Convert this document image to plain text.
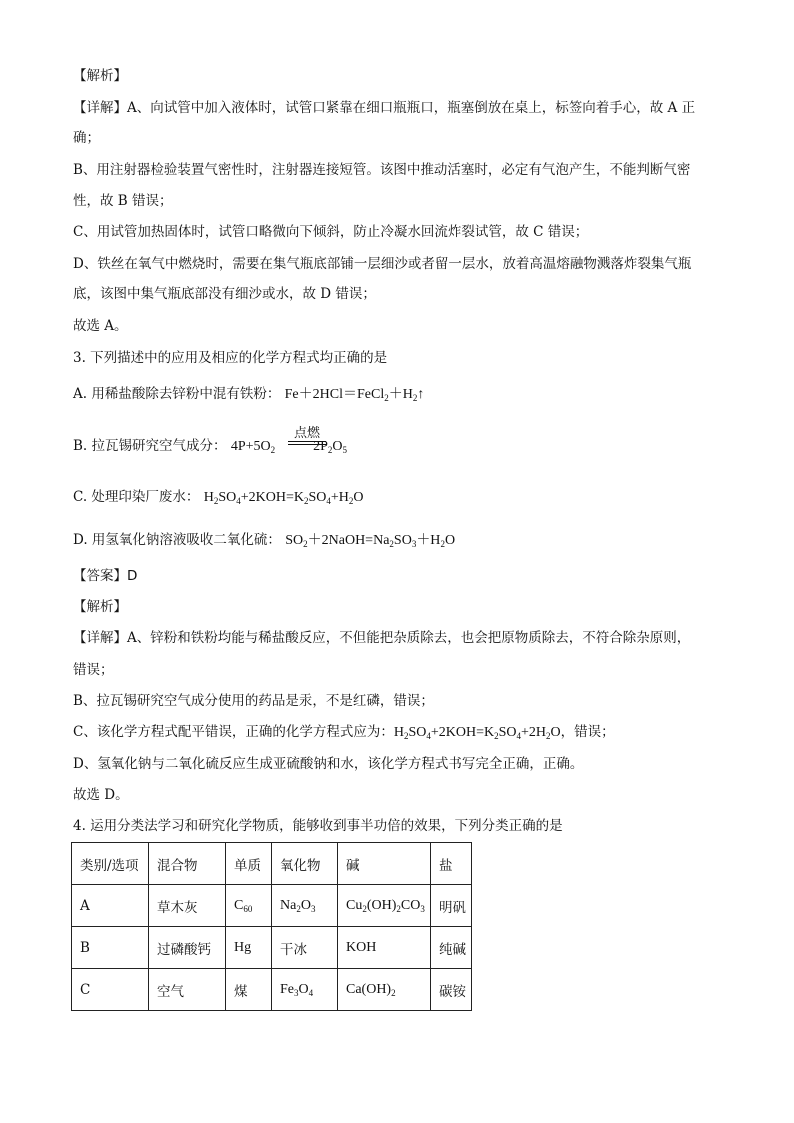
【解析】
【详解】A、向试管中加入液体时，试管口紧靠在细口瓶瓶口，瓶塞倒放在桌上，标签向着手心，故 A 正
确；
B、用注射器检验装置气密性时，注射器连接短管。该图中推动活塞时，必定有气泡产生，不能判断气密
性，故 B 错误；
C、用试管加热固体时，试管口略微向下倾斜，防止冷凝水回流炸裂试管，故 C 错误；
D、铁丝在氧气中燃烧时，需要在集气瓶底部铺一层细沙或者留一层水，放着高温熔融物溅落炸裂集气瓶
底，该图中集气瓶底部没有细沙或水，故 D 错误；
故选 A。
3. 下列描述中的应用及相应的化学方程式均正确的是
A. 用稀盐酸除去锌粉中混有铁粉： $Fe+2HCl=FeCl_2+H_2↑$
点燃
B. 拉瓦锡研究空气成分： $4P+5O_2$	$2P_2O_5$
C. 处理印染厂废水： $H_2SO_4+2KOH=K_2SO_4+H_2O$
D. 用氢氧化钠溶液吸收二氧化硫： $SO_2+2NaOH=Na_2SO_3+H_2O$
【答案】D
【解析】
【详解】A、锌粉和铁粉均能与稀盐酸反应，不但能把杂质除去，也会把原物质除去，不符合除杂原则，
错误；
B、拉瓦锡研究空气成分使用的药品是汞，不是红磷，错误；
C、该化学方程式配平错误，正确的化学方程式应为：$H_2SO_4+2KOH=K_2SO_4+2H_2O$，错误；
D、氢氧化钠与二氧化硫反应生成亚硫酸钠和水，该化学方程式书写完全正确，正确。
故选 D。
4. 运用分类法学习和研究化学物质，能够收到事半功倍的效果，下列分类正确的是
类别/选项	混合物	单质	氧化物	碱	盐
A	草木灰	$C_{60}$	$Na_2O_3$	$Cu_2(OH)_2CO_3$	明矾
B	过磷酸钙	Hg	干冰	KOH	纯碱
C	空气	煤	$Fe_3O_4$	$Ca(OH)_2$	碳铵
